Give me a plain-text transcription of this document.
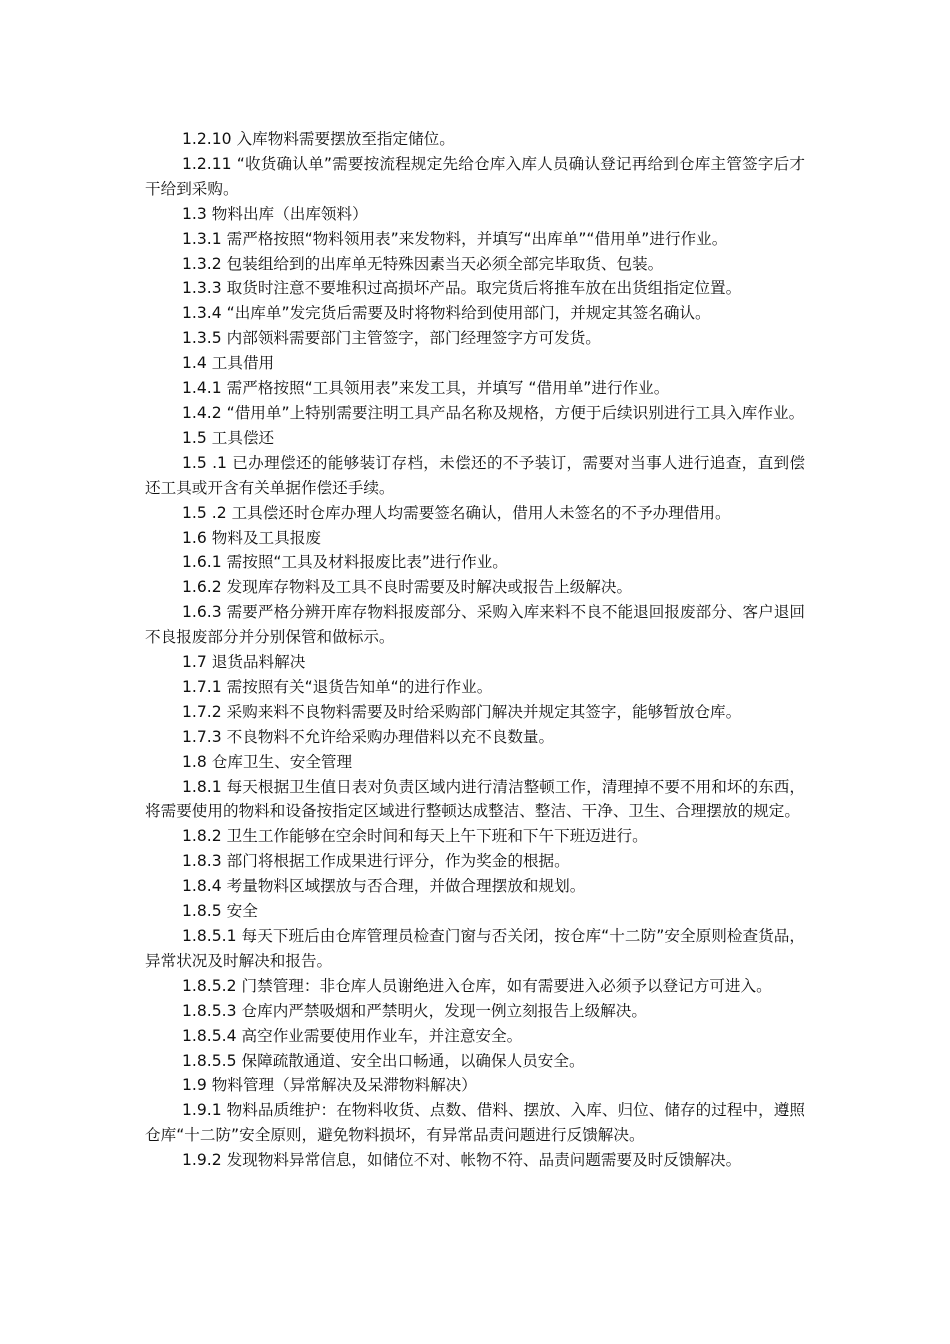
1.2.10 入库物料需要摆放至指定储位。

1.2.11 “收货确认单”需要按流程规定先给仓库入库人员确认登记再给到仓库主管签字后才干给到采购。

1.3 物料出库（出库领料）

1.3.1 需严格按照“物料领用表”来发物料，并填写“出库单”“借用单”进行作业。

1.3.2 包装组给到的出库单无特殊因素当天必须全部完毕取货、包装。

1.3.3 取货时注意不要堆积过高损坏产品。取完货后将推车放在出货组指定位置。

1.3.4 “出库单”发完货后需要及时将物料给到使用部门，并规定其签名确认。

1.3.5 内部领料需要部门主管签字，部门经理签字方可发货。

1.4 工具借用

1.4.1 需严格按照“工具领用表”来发工具，并填写 “借用单”进行作业。

1.4.2 “借用单”上特别需要注明工具产品名称及规格，方便于后续识别进行工具入库作业。

1.5 工具偿还

1.5 .1 已办理偿还的能够装订存档，未偿还的不予装订，需要对当事人进行追查，直到偿还工具或开含有关单据作偿还手续。

1.5 .2 工具偿还时仓库办理人均需要签名确认，借用人未签名的不予办理借用。

1.6 物料及工具报废

1.6.1 需按照“工具及材料报废比表”进行作业。

1.6.2 发现库存物料及工具不良时需要及时解决或报告上级解决。

1.6.3 需要严格分辨开库存物料报废部分、采购入库来料不良不能退回报废部分、客户退回不良报废部分并分别保管和做标示。

1.7 退货品料解决

1.7.1 需按照有关“退货告知单“的进行作业。

1.7.2 采购来料不良物料需要及时给采购部门解决并规定其签字，能够暂放仓库。

1.7.3 不良物料不允许给采购办理借料以充不良数量。

1.8 仓库卫生、安全管理

1.8.1 每天根据卫生值日表对负责区域内进行清洁整顿工作，清理掉不要不用和坏的东西，将需要使用的物料和设备按指定区域进行整顿达成整洁、整洁、干净、卫生、合理摆放的规定。

1.8.2 卫生工作能够在空余时间和每天上午下班和下午下班迈进行。

1.8.3 部门将根据工作成果进行评分，作为奖金的根据。

1.8.4 考量物料区域摆放与否合理，并做合理摆放和规划。

1.8.5 安全

1.8.5.1 每天下班后由仓库管理员检查门窗与否关闭，按仓库“十二防”安全原则检查货品，异常状况及时解决和报告。

1.8.5.2 门禁管理：非仓库人员谢绝进入仓库，如有需要进入必须予以登记方可进入。

1.8.5.3 仓库内严禁吸烟和严禁明火，发现一例立刻报告上级解决。

1.8.5.4 高空作业需要使用作业车，并注意安全。

1.8.5.5 保障疏散通道、安全出口畅通，以确保人员安全。

1.9 物料管理（异常解决及呆滞物料解决）

1.9.1 物料品质维护：在物料收货、点数、借料、摆放、入库、归位、储存的过程中，遵照仓库“十二防”安全原则，避免物料损坏，有异常品责问题进行反馈解决。

1.9.2 发现物料异常信息，如储位不对、帐物不符、品责问题需要及时反馈解决。
